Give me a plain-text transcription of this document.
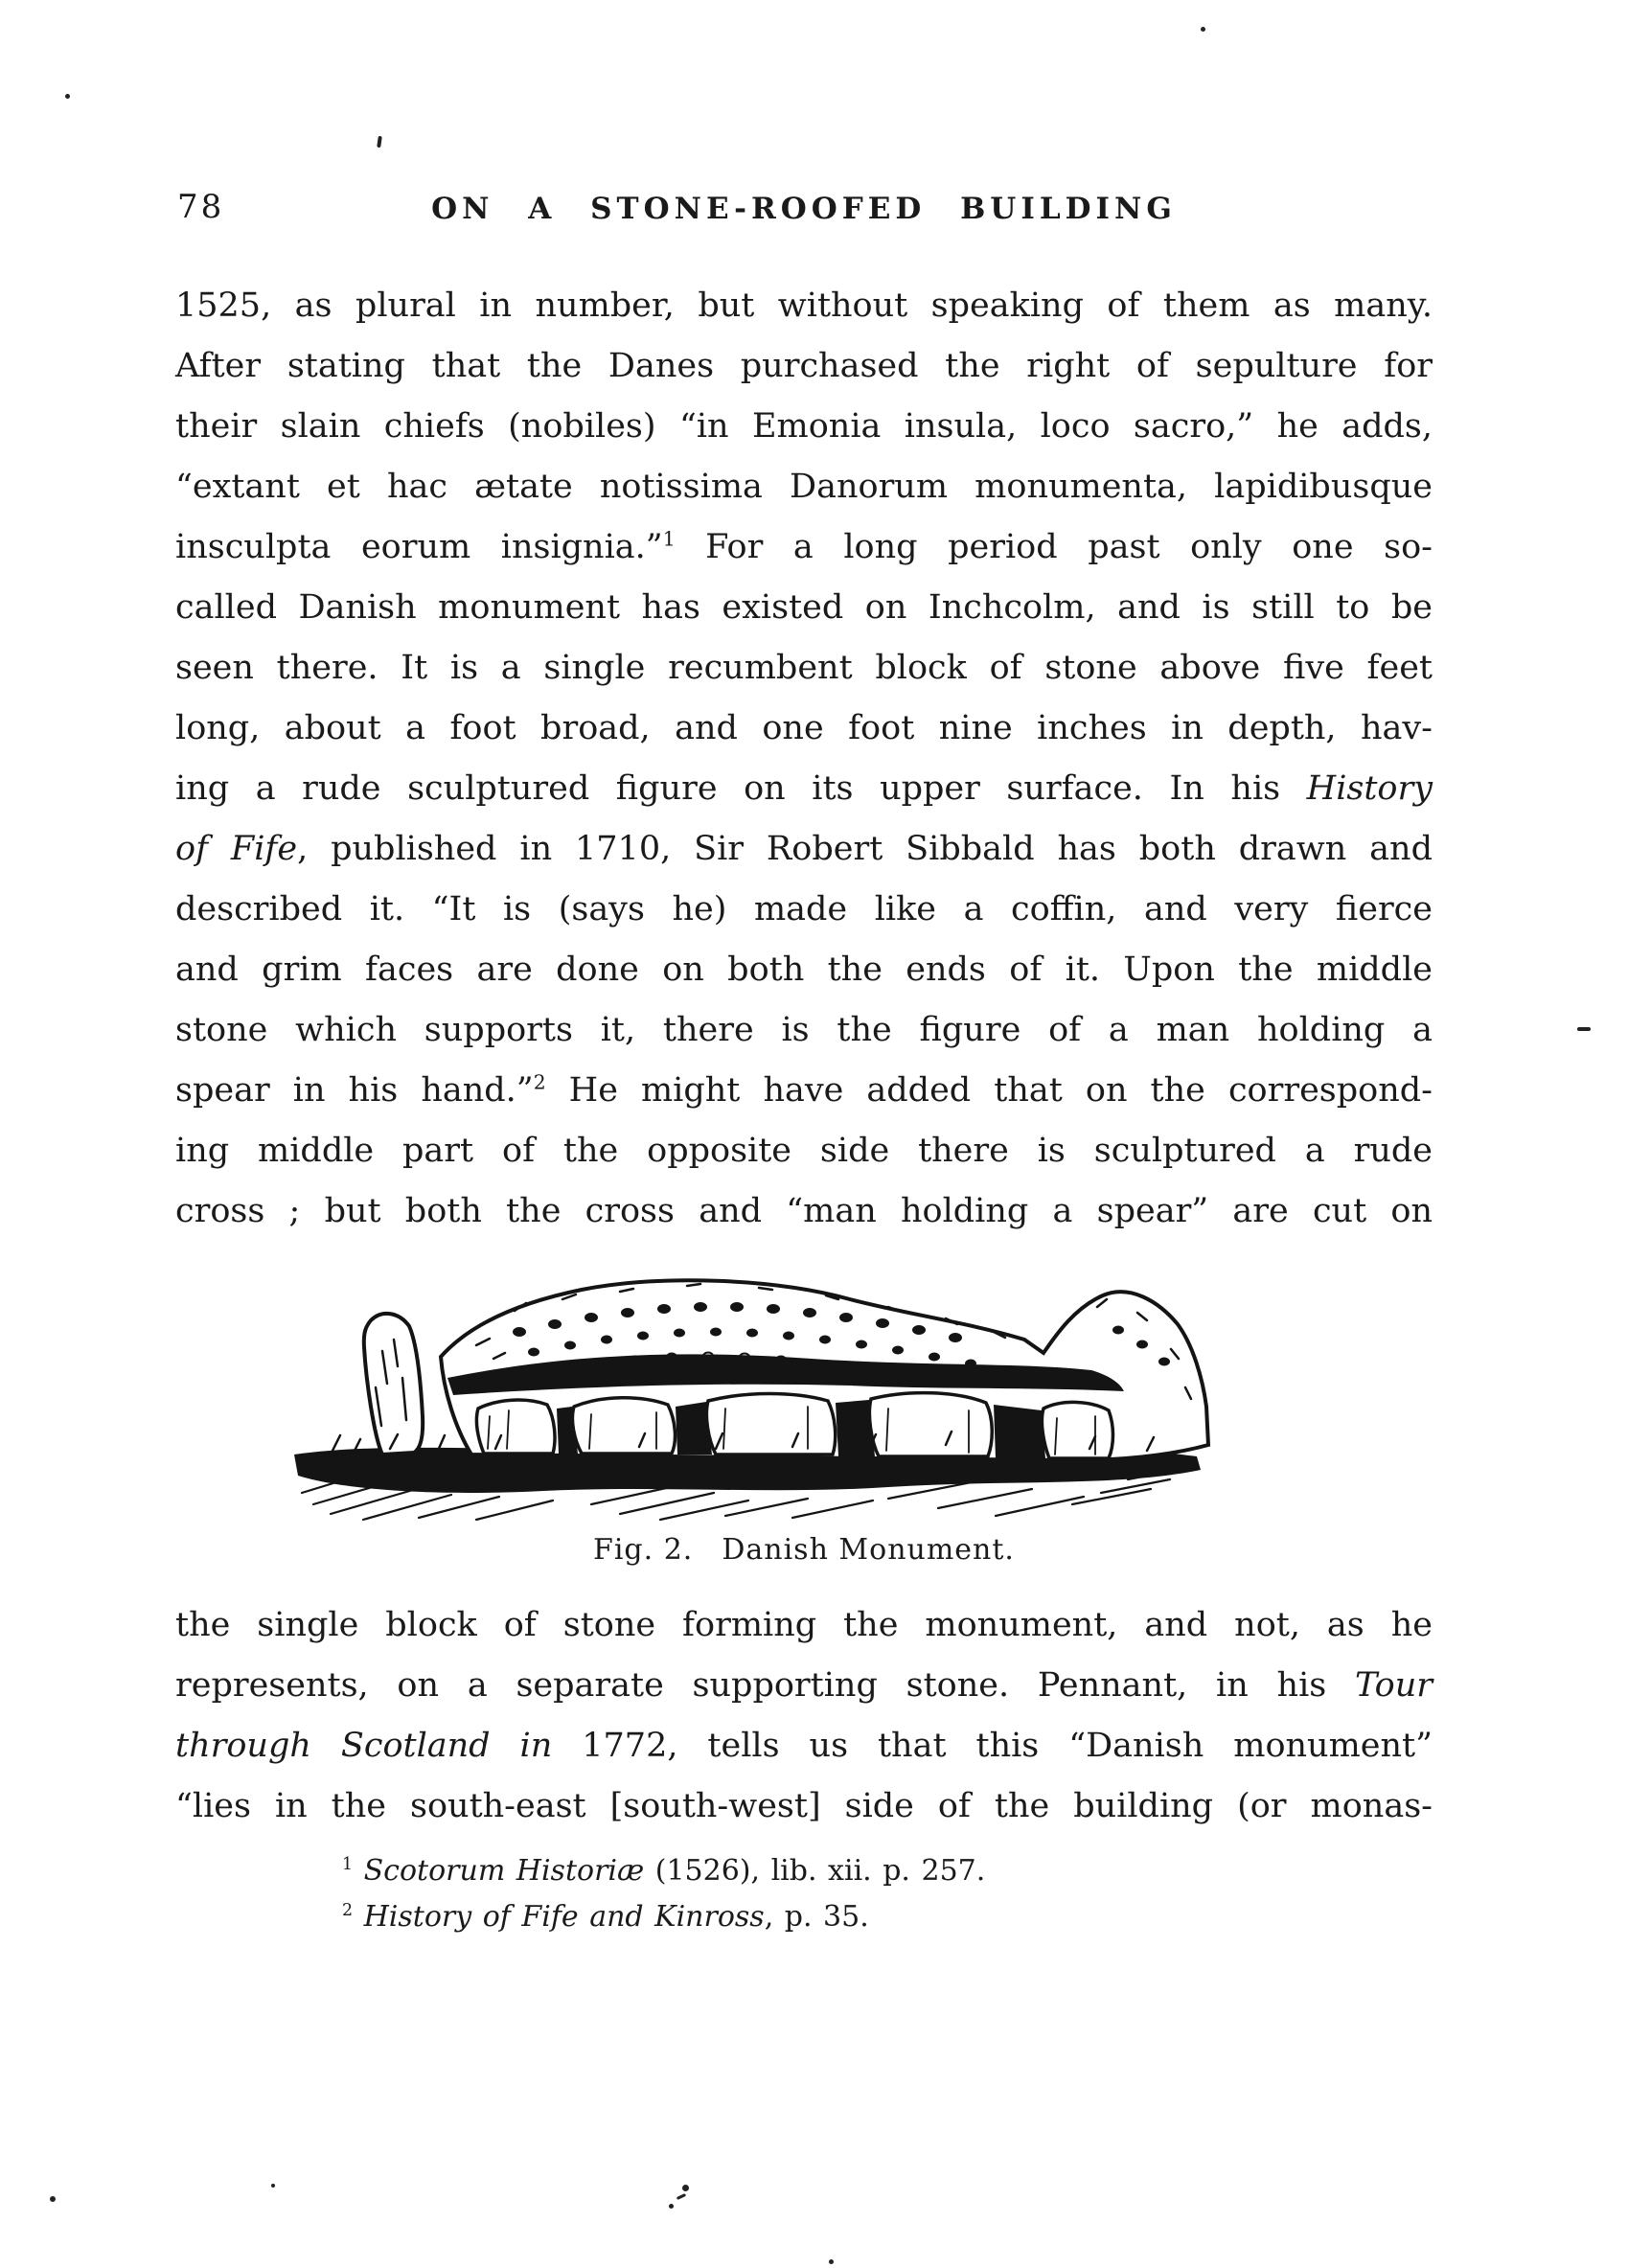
78	ON A STONE-ROOFED BUILDING
1525, as plural in number, but without speaking of them as many.
After stating that the Danes purchased the right of sepulture for
their slain chiefs (nobiles) “in Emonia insula, loco sacro,” he adds,
“extant et hac ætate notissima Danorum monumenta, lapidibusque
insculpta eorum insignia.”$^1$ For a long period past only one so-
called Danish monument has existed on Inchcolm, and is still to be
seen there. It is a single recumbent block of stone above five feet
long, about a foot broad, and one foot nine inches in depth, hav-
ing a rude sculptured figure on its upper surface. In his History
of Fife, published in 1710, Sir Robert Sibbald has both drawn and
described it. “It is (says he) made like a coffin, and very fierce
and grim faces are done on both the ends of it. Upon the middle
stone which supports it, there is the figure of a man holding a
spear in his hand.”$^2$ He might have added that on the correspond-
ing middle part of the opposite side there is sculptured a rude
cross ; but both the cross and “man holding a spear” are cut on
Fig. 2. Danish Monument.
the single block of stone forming the monument, and not, as he
represents, on a separate supporting stone. Pennant, in his Tour
through Scotland in 1772, tells us that this “Danish monument”
“lies in the south-east [south-west] side of the building (or monas-
$^1$ Scotorum Historiæ (1526), lib. xii. p. 257.
$^2$ History of Fife and Kinross, p. 35.
